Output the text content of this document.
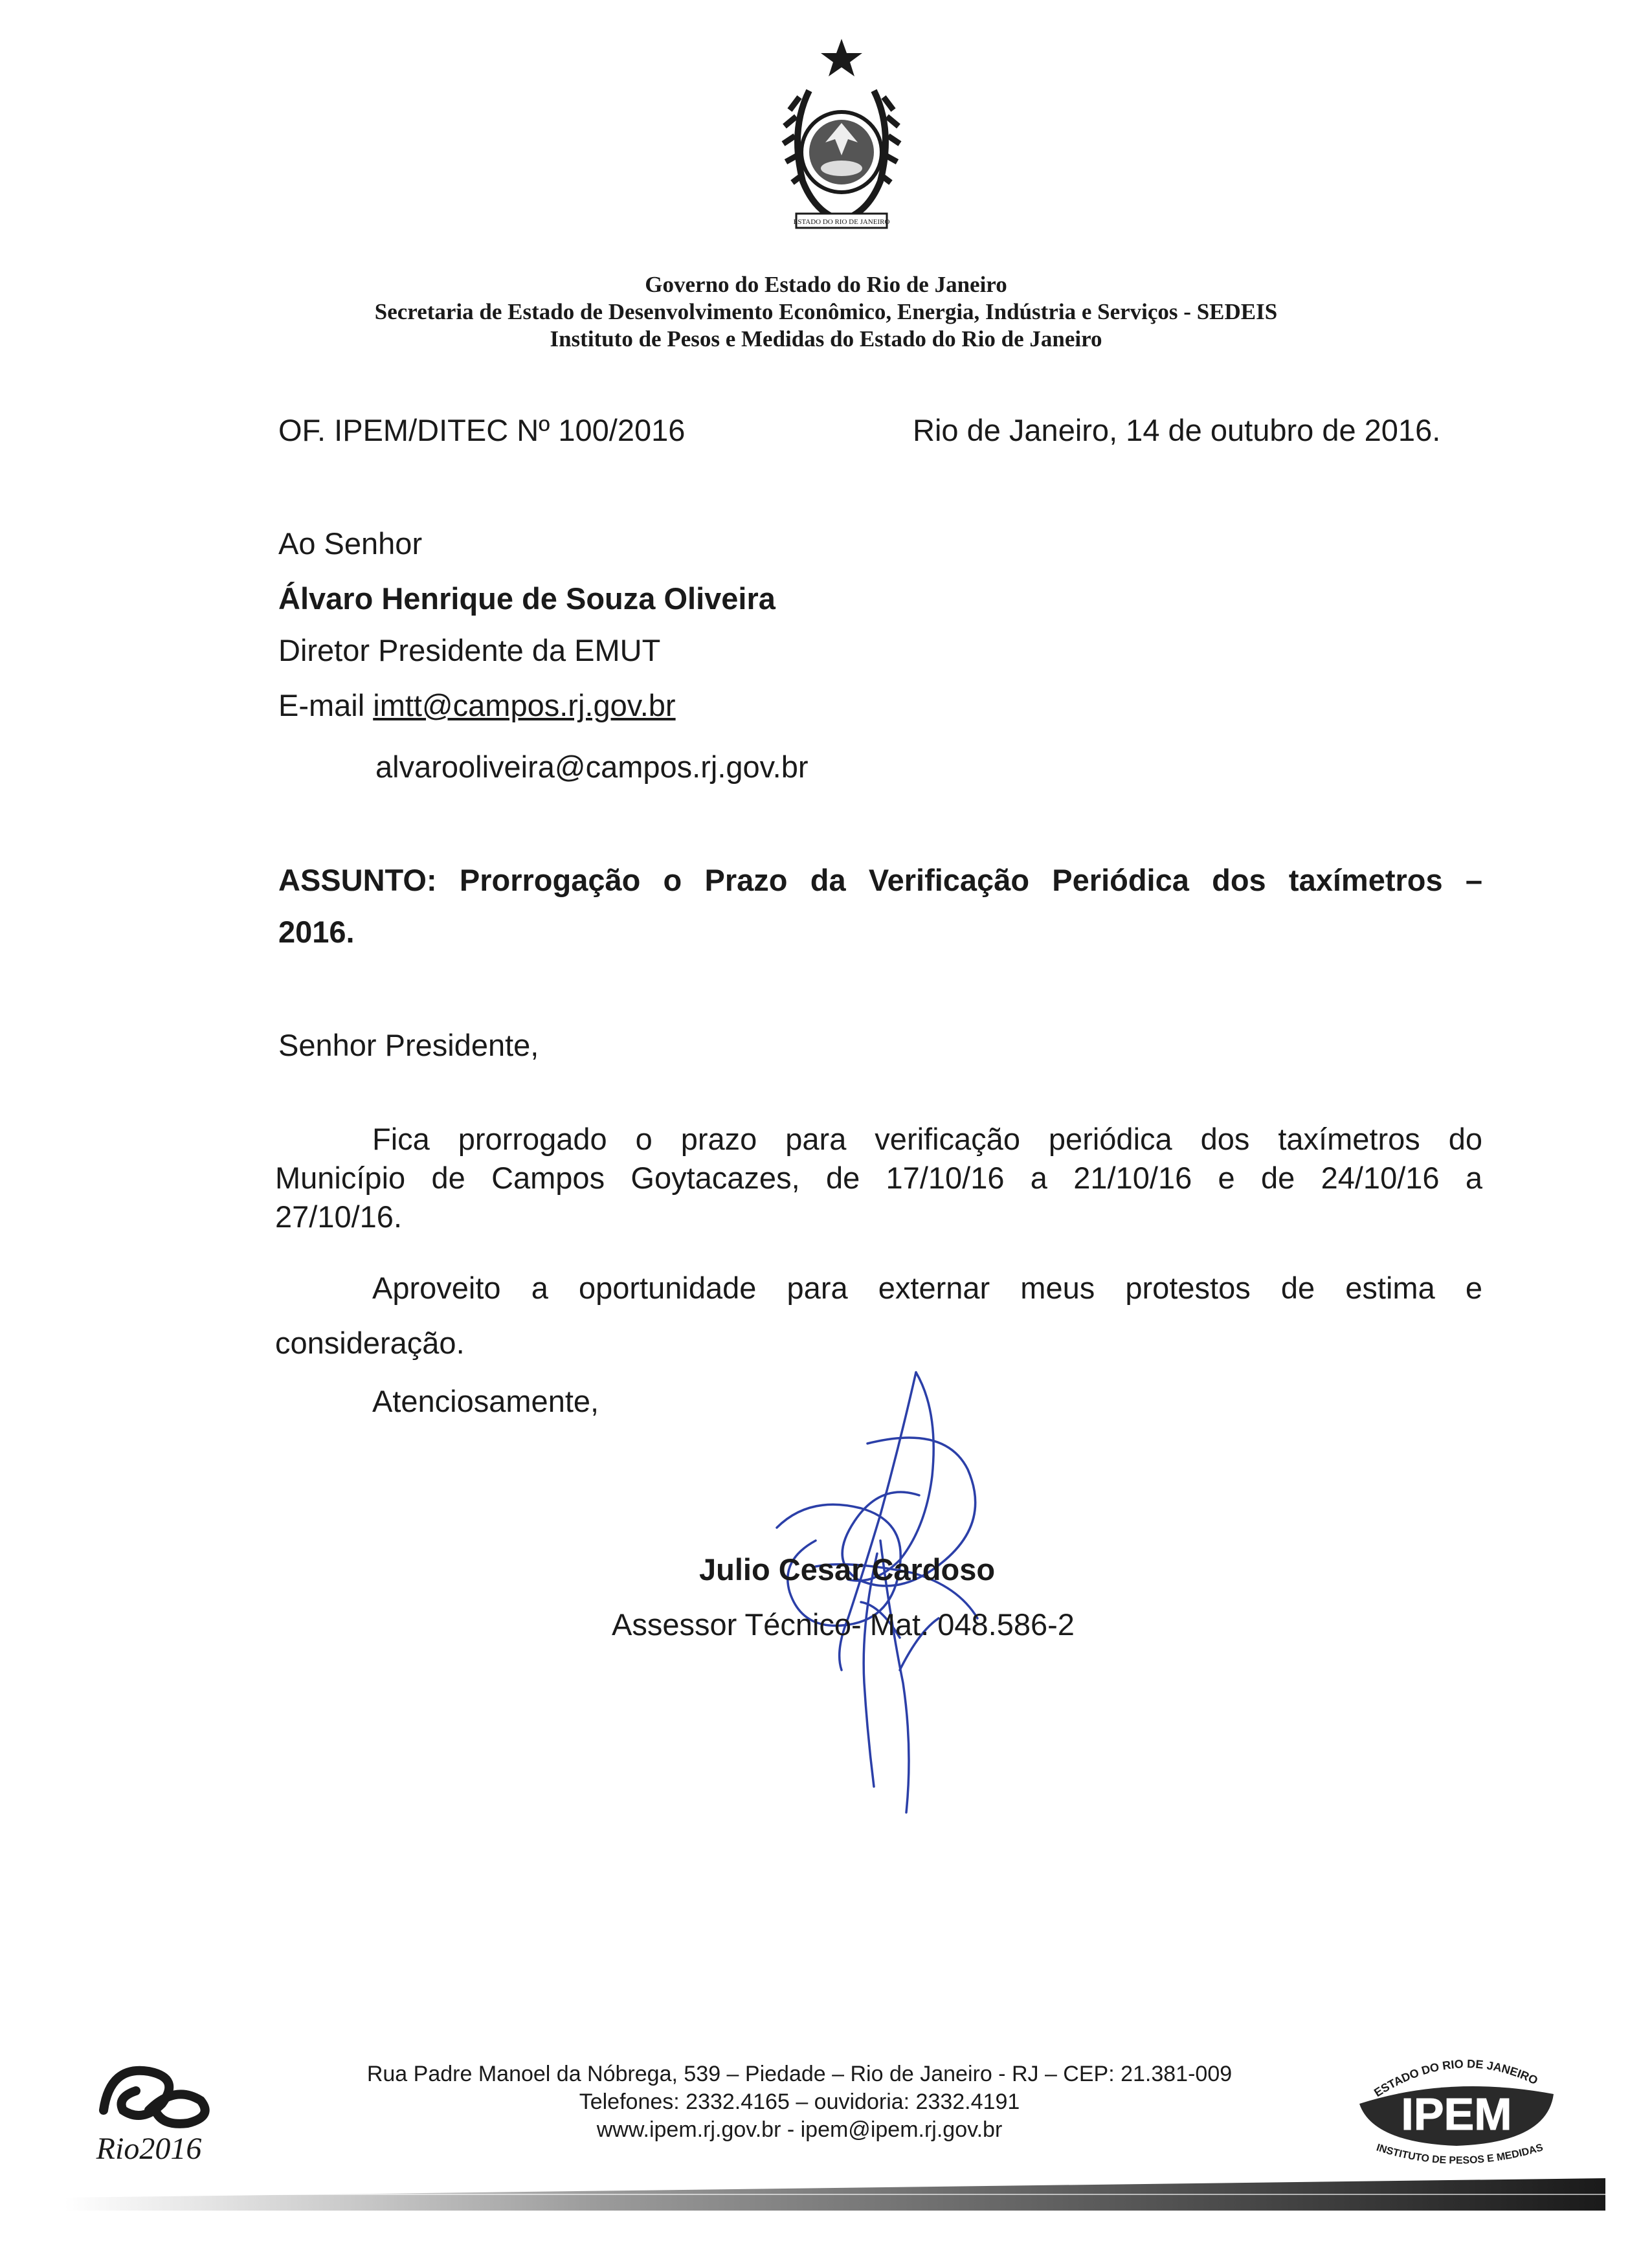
ESTADO DO RIO DE JANEIRO
Governo do Estado do Rio de Janeiro
Secretaria de Estado de Desenvolvimento Econômico, Energia, Indústria e Serviços - SEDEIS
Instituto de Pesos e Medidas do Estado do Rio de Janeiro
OF. IPEM/DITEC Nº 100/2016	Rio de Janeiro, 14 de outubro de 2016.
Ao Senhor
Álvaro Henrique de Souza Oliveira
Diretor Presidente da EMUT
E-mail imtt@campos.rj.gov.br
alvarooliveira@campos.rj.gov.br
ASSUNTO: Prorrogação o Prazo da Verificação Periódica dos taxímetros –
2016.
Senhor Presidente,
Fica prorrogado o prazo para verificação periódica dos taxímetros do
Município de Campos Goytacazes, de 17/10/16 a 21/10/16 e de 24/10/16 a
27/10/16.
Aproveito a oportunidade para externar meus protestos de estima e
consideração.
Atenciosamente,
Julio Cesar Cardoso
Assessor Técnico- Mat. 048.586-2
Rio2016
Rua Padre Manoel da Nóbrega, 539 – Piedade – Rio de Janeiro - RJ – CEP: 21.381-009
Telefones: 2332.4165 – ouvidoria: 2332.4191
www.ipem.rj.gov.br - ipem@ipem.rj.gov.br
ESTADO DO RIO DE JANEIRO
IPEM
INSTITUTO DE PESOS E MEDIDAS
